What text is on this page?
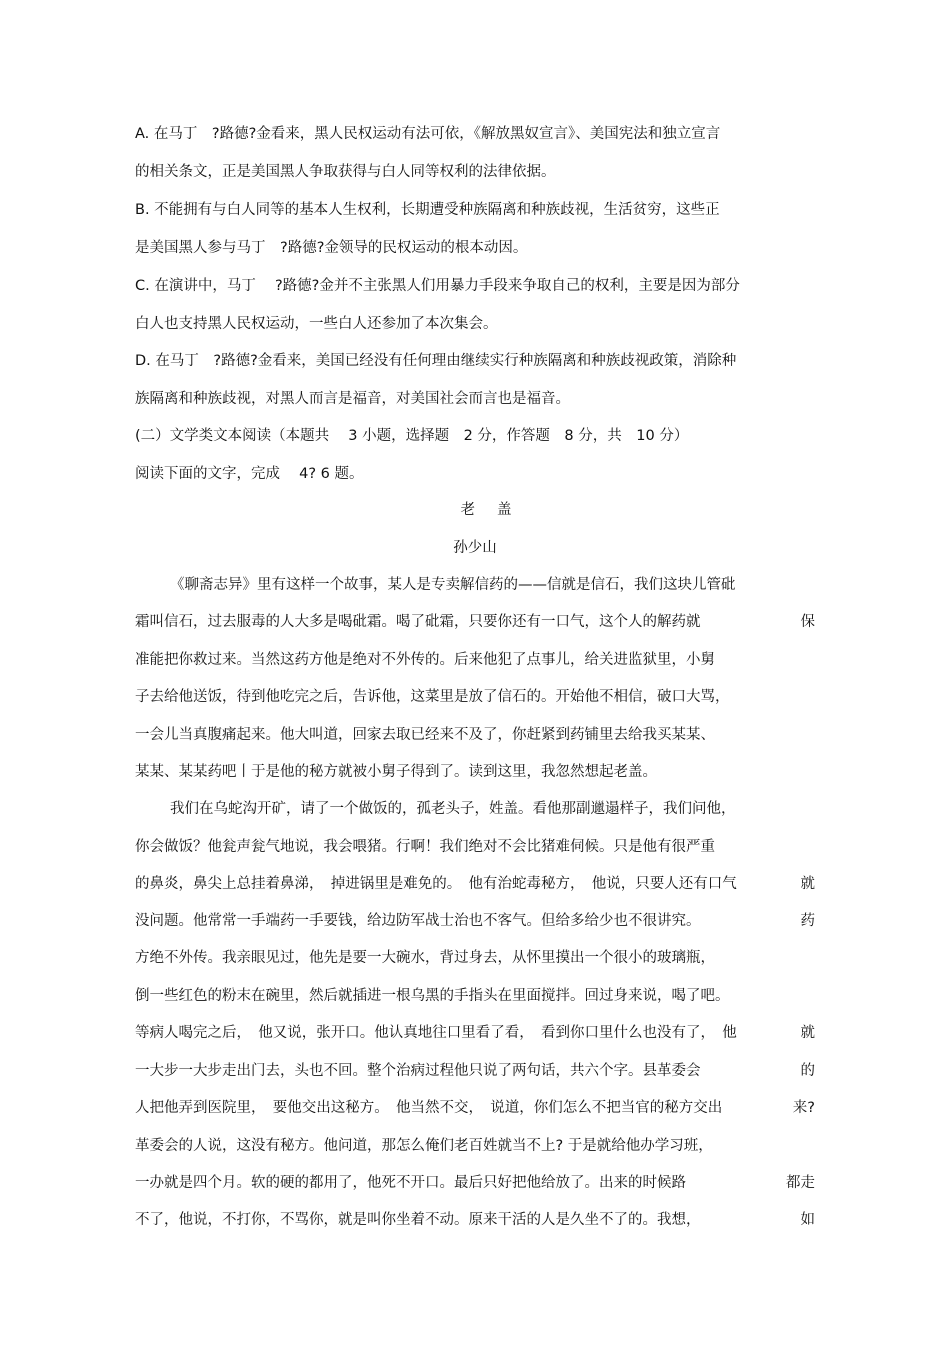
A. 在马丁　?路德?金看来，黑人民权运动有法可依，《解放黑奴宣言》、美国宪法和独立宣言
的相关条文，正是美国黑人争取获得与白人同等权利的法律依据。
B. 不能拥有与白人同等的基本人生权利，长期遭受种族隔离和种族歧视，生活贫穷，这些正
是美国黑人参与马丁　?路德?金领导的民权运动的根本动因。
C. 在演讲中，马丁　 ?路德?金并不主张黑人们用暴力手段来争取自己的权利，主要是因为部分
白人也支持黑人民权运动，一些白人还参加了本次集会。
D. 在马丁　?路德?金看来，美国已经没有任何理由继续实行种族隔离和种族歧视政策，消除种
族隔离和种族歧视，对黑人而言是福音，对美国社会而言也是福音。
(二）文学类文本阅读（本题共　 3 小题，选择题　2 分，作答题　8 分，共　10 分）
阅读下面的文字，完成　 4? 6 题。
老盖
孙少山
《聊斋志异》里有这样一个故事，某人是专卖解信药的——信就是信石，我们这块儿管砒
霜叫信石，过去服毒的人大多是喝砒霜。喝了砒霜，只要你还有一口气，这个人的解药就	保
准能把你救过来。当然这药方他是绝对不外传的。后来他犯了点事儿，给关进监狱里，小舅
子去给他送饭，待到他吃完之后，告诉他，这菜里是放了信石的。开始他不相信，破口大骂，
一会儿当真腹痛起来。他大叫道，回家去取已经来不及了，你赶紧到药铺里去给我买某某、
某某、某某药吧丨于是他的秘方就被小舅子得到了。读到这里，我忽然想起老盖。
我们在乌蛇沟开矿，请了一个做饭的，孤老头子，姓盖。看他那副邋遢样子，我们问他，
你会做饭？他瓮声瓮气地说，我会喂猪。行啊！我们绝对不会比猪难伺候。只是他有很严重
的鼻炎，鼻尖上总挂着鼻涕，　掉进锅里是难免的。　他有治蛇毒秘方，　他说，只要人还有口气	就
没问题。他常常一手端药一手要钱，给边防军战士治也不客气。但给多给少也不很讲究。	药
方绝不外传。我亲眼见过，他先是要一大碗水，背过身去，从怀里摸出一个很小的玻璃瓶，
倒一些红色的粉末在碗里，然后就插进一根乌黑的手指头在里面搅拌。回过身来说，喝了吧。
等病人喝完之后，　他又说，张开口。他认真地往口里看了看，　看到你口里什么也没有了，　他	就
一大步一大步走出门去，头也不回。整个治病过程他只说了两句话，共六个字。县革委会	的
人把他弄到医院里，　要他交出这秘方。　他当然不交，　说道，你们怎么不把当官的秘方交出	来?
革委会的人说，这没有秘方。他问道，那怎么俺们老百姓就当不上? 于是就给他办学习班，
一办就是四个月。软的硬的都用了，他死不开口。最后只好把他给放了。出来的时候路	都走
不了，他说，不打你，不骂你，就是叫你坐着不动。原来干活的人是久坐不了的。我想，	如
